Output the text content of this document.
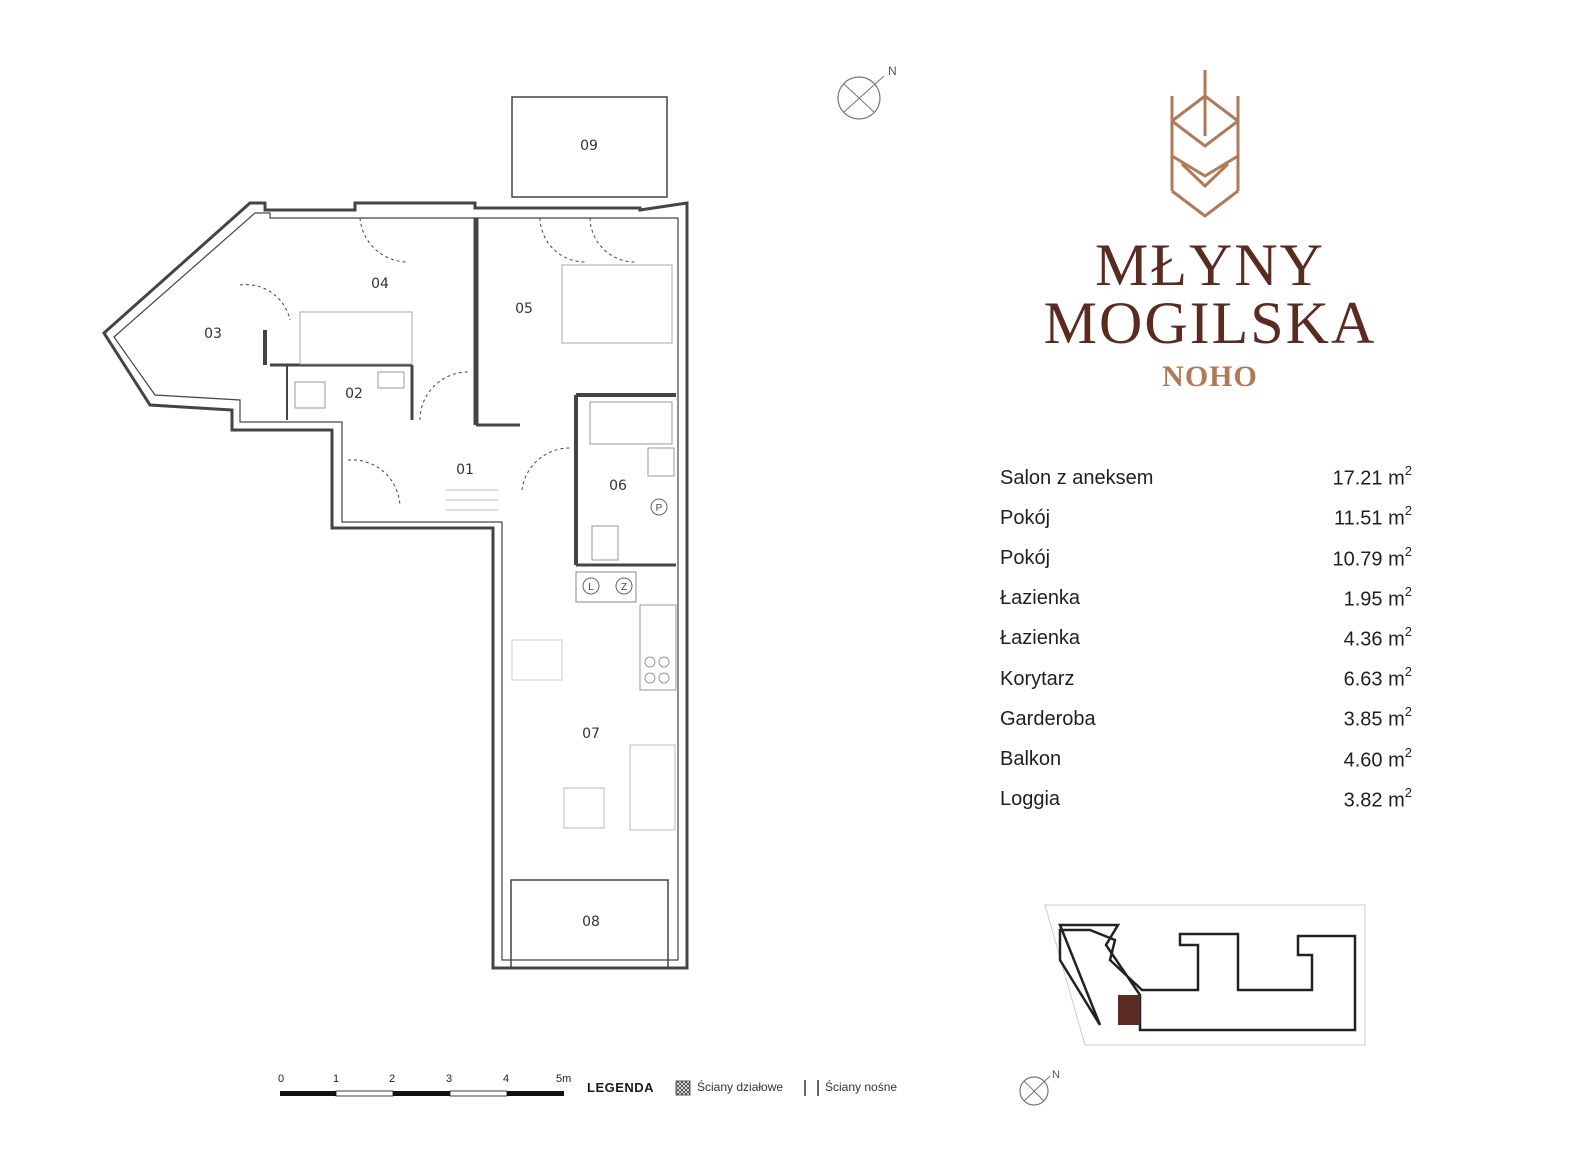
N
N
P
L	Z
01
02
03
04
05
06
07
08
09
0	1	2	3	4	5m
LEGENDA	Ściany działowe	Ściany nośne
MŁYNY
MOGILSKA
NOHO
Salon z aneksem	17.21 $m^2$
Pokój	11.51 $m^2$
Pokój	10.79 $m^2$
Łazienka	1.95 $m^2$
Łazienka	4.36 $m^2$
Korytarz	6.63 $m^2$
Garderoba	3.85 $m^2$
Balkon	4.60 $m^2$
Loggia	3.82 $m^2$
